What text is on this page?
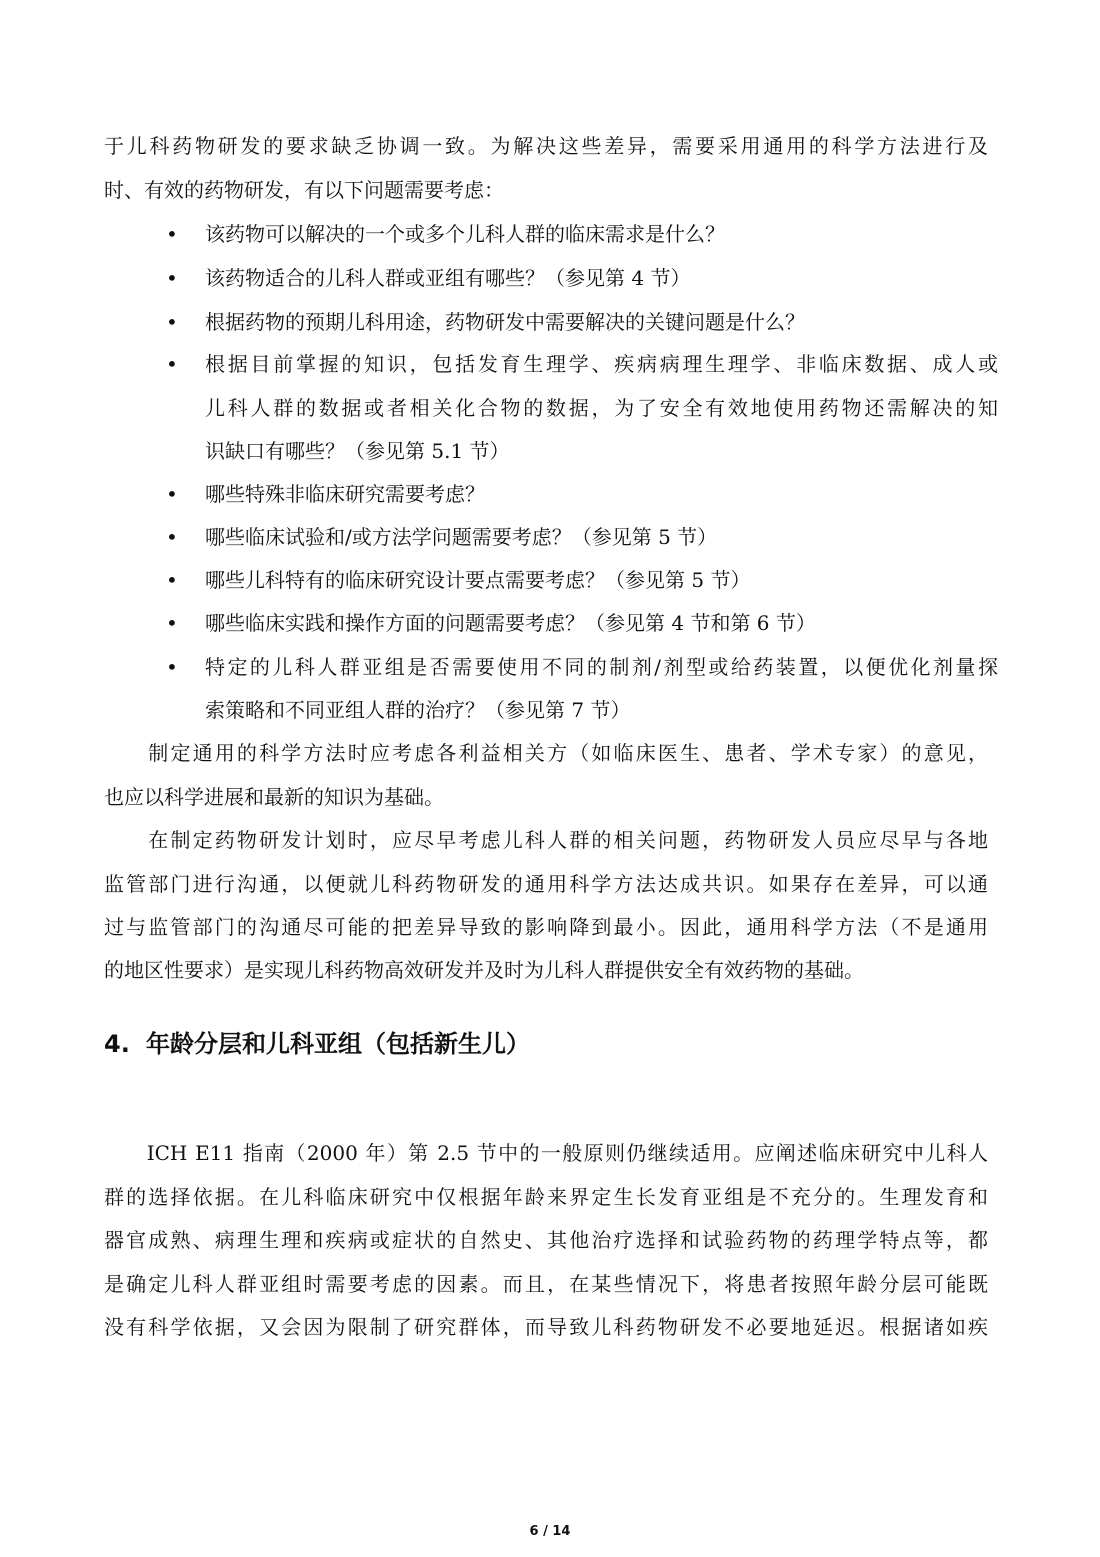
于儿科药物研发的要求缺乏协调一致。为解决这些差异，需要采用通用的科学方法进行及
时、有效的药物研发，有以下问题需要考虑：
• 该药物可以解决的一个或多个儿科人群的临床需求是什么？
• 该药物适合的儿科人群或亚组有哪些？（参见第 4 节）
• 根据药物的预期儿科用途，药物研发中需要解决的关键问题是什么？
• 根据目前掌握的知识，包括发育生理学、疾病病理生理学、非临床数据、成人或
儿科人群的数据或者相关化合物的数据，为了安全有效地使用药物还需解决的知
识缺口有哪些？（参见第 5.1 节）
• 哪些特殊非临床研究需要考虑？
• 哪些临床试验和/或方法学问题需要考虑？（参见第 5 节）
• 哪些儿科特有的临床研究设计要点需要考虑？（参见第 5 节）
• 哪些临床实践和操作方面的问题需要考虑？（参见第 4 节和第 6 节）
• 特定的儿科人群亚组是否需要使用不同的制剂/剂型或给药装置，以便优化剂量探
索策略和不同亚组人群的治疗？（参见第 7 节）
　　制定通用的科学方法时应考虑各利益相关方（如临床医生、患者、学术专家）的意见，
也应以科学进展和最新的知识为基础。
　　在制定药物研发计划时，应尽早考虑儿科人群的相关问题，药物研发人员应尽早与各地
监管部门进行沟通，以便就儿科药物研发的通用科学方法达成共识。如果存在差异，可以通
过与监管部门的沟通尽可能的把差异导致的影响降到最小。因此，通用科学方法（不是通用
的地区性要求）是实现儿科药物高效研发并及时为儿科人群提供安全有效药物的基础。
4. 年龄分层和儿科亚组（包括新生儿）
　　ICH E11 指南（2000 年）第 2.5 节中的一般原则仍继续适用。应阐述临床研究中儿科人
群的选择依据。在儿科临床研究中仅根据年龄来界定生长发育亚组是不充分的。生理发育和
器官成熟、病理生理和疾病或症状的自然史、其他治疗选择和试验药物的药理学特点等，都
是确定儿科人群亚组时需要考虑的因素。而且，在某些情况下，将患者按照年龄分层可能既
没有科学依据，又会因为限制了研究群体，而导致儿科药物研发不必要地延迟。根据诸如疾
6 / 14
